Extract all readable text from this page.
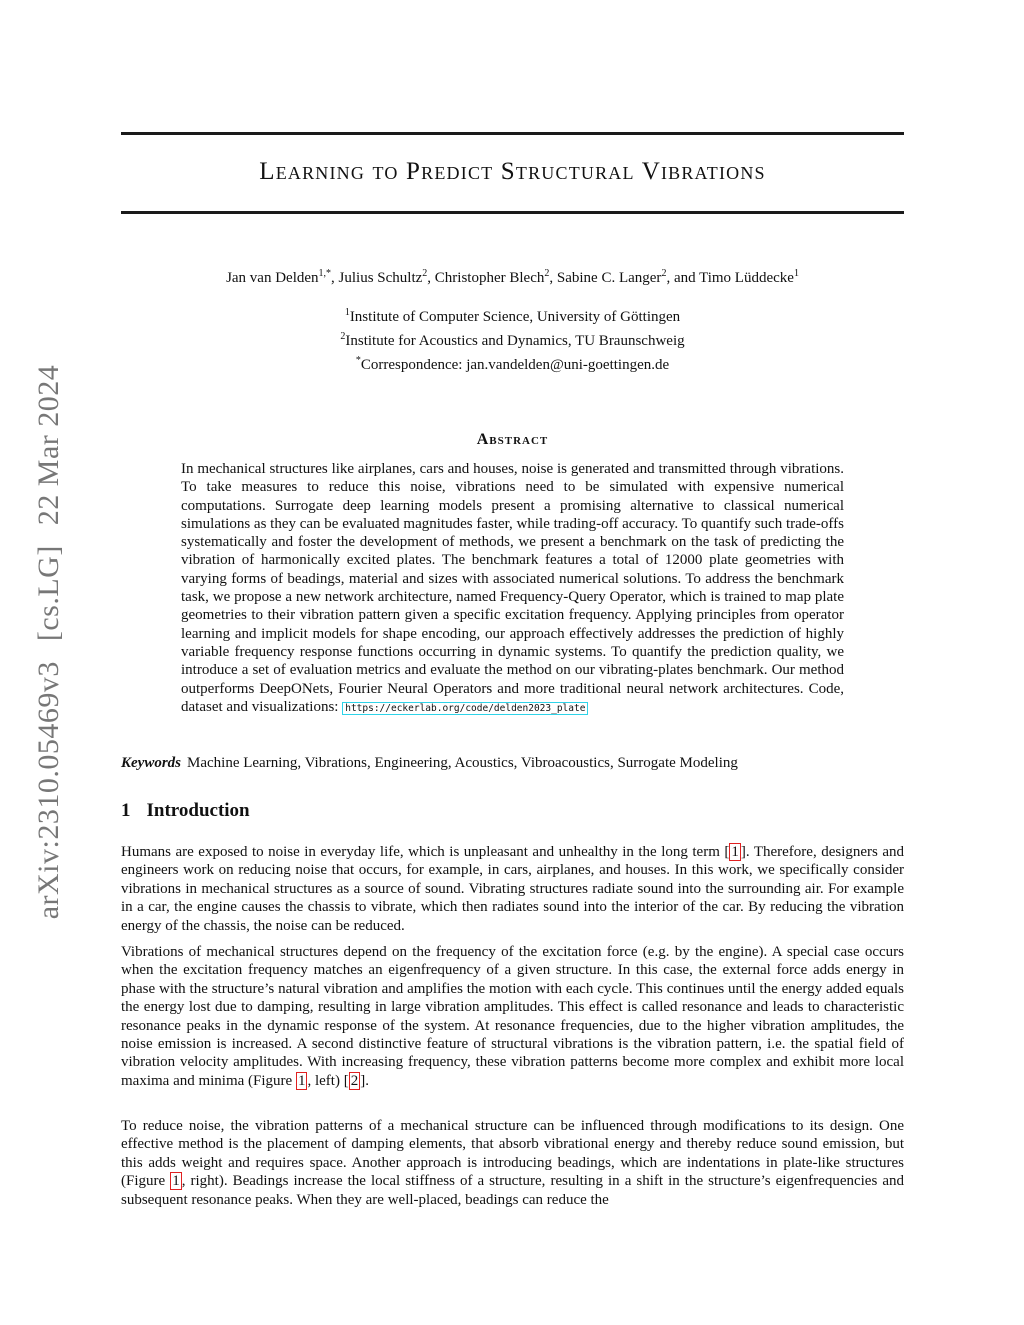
Learning to Predict Structural Vibrations
arXiv:2310.05469v3 [cs.LG] 22 Mar 2024
Jan van Delden$^{1,*}$, Julius Schultz$^2$, Christopher Blech$^2$, Sabine C. Langer$^2$, and Timo Lüddecke$^1$
$^1$Institute of Computer Science, University of Göttingen
$^2$Institute for Acoustics and Dynamics, TU Braunschweig
*Correspondence: jan.vandelden@uni-goettingen.de
Abstract

In mechanical structures like airplanes, cars and houses, noise is generated and transmitted through vibrations. To take measures to reduce this noise, vibrations need to be simulated with expensive numerical computations. Surrogate deep learning models present a promising alternative to classical numerical simulations as they can be evaluated magnitudes faster, while trading-off accuracy. To quantify such trade-offs systematically and foster the development of methods, we present a benchmark on the task of predicting the vibration of harmonically excited plates. The benchmark features a total of 12000 plate geometries with varying forms of beadings, material and sizes with associated numerical solutions. To address the benchmark task, we propose a new network architecture, named Frequency-Query Operator, which is trained to map plate geometries to their vibration pattern given a specific excitation frequency. Applying principles from operator learning and implicit models for shape encoding, our approach effectively addresses the prediction of highly variable frequency response functions occurring in dynamic systems. To quantify the prediction quality, we introduce a set of evaluation metrics and evaluate the method on our vibrating-plates benchmark. Our method outperforms DeepONets, Fourier Neural Operators and more traditional neural network architectures. Code, dataset and visualizations: https://eckerlab.org/code/delden2023_plate

Keywords Machine Learning, Vibrations, Engineering, Acoustics, Vibroacoustics, Surrogate Modeling

1 Introduction

Humans are exposed to noise in everyday life, which is unpleasant and unhealthy in the long term [ 1 ]. Therefore, designers and engineers work on reducing noise that occurs, for example, in cars, airplanes, and houses. In this work, we specifically consider vibrations in mechanical structures as a source of sound. Vibrating structures radiate sound into the surrounding air. For example in a car, the engine causes the chassis to vibrate, which then radiates sound into the interior of the car. By reducing the vibration energy of the chassis, the noise can be reduced.

Vibrations of mechanical structures depend on the frequency of the excitation force (e.g. by the engine). A special case occurs when the excitation frequency matches an eigenfrequency of a given structure. In this case, the external force adds energy in phase with the structure’s natural vibration and amplifies the motion with each cycle. This continues until the energy added equals the energy lost due to damping, resulting in large vibration amplitudes. This effect is called resonance and leads to characteristic resonance peaks in the dynamic response of the system. At resonance frequencies, due to the higher vibration amplitudes, the noise emission is increased. A second distinctive feature of structural vibrations is the vibration pattern, i.e. the spatial field of vibration velocity amplitudes. With increasing frequency, these vibration patterns become more complex and exhibit more local maxima and minima (Figure 1 , left) [ 2 ].

To reduce noise, the vibration patterns of a mechanical structure can be influenced through modifications to its design. One effective method is the placement of damping elements, that absorb vibrational energy and thereby reduce sound emission, but this adds weight and requires space. Another approach is introducing beadings, which are indentations in plate-like structures (Figure 1 , right). Beadings increase the local stiffness of a structure, resulting in a shift in the structure’s eigenfrequencies and subsequent resonance peaks. When they are well-placed, beadings can reduce the
